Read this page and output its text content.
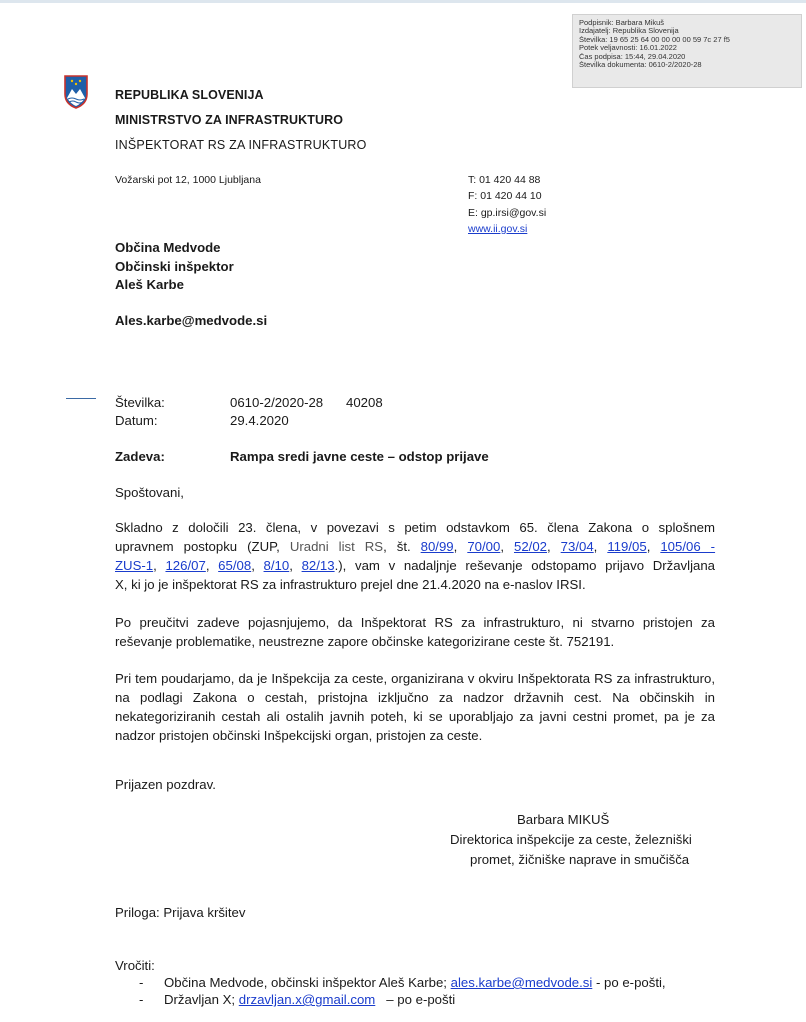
Podpisnik: Barbara Mikuš
Izdajatelj: Republika Slovenija
Številka: 19 65 25 64 00 00 00 00 59 7c 27 f5
Potek veljavnosti: 16.01.2022
Čas podpisa: 15:44, 29.04.2020
Številka dokumenta: 0610-2/2020-28
REPUBLIKA SLOVENIJA
MINISTRSTVO ZA INFRASTRUKTURO
INŠPEKTORAT RS ZA INFRASTRUKTURO
Vožarski pot 12, 1000 Ljubljana	T: 01 420 44 88
F: 01 420 44 10
E: gp.irsi@gov.si
www.ii.gov.si
Občina Medvode
Občinski inšpektor
Aleš Karbe
Ales.karbe@medvode.si
Številka:	0610-2/2020-28 40208
Datum:	29.4.2020
Zadeva:	Rampa sredi javne ceste – odstop prijave
Spoštovani,
Skladno z določili 23. člena, v povezavi s petim odstavkom 65. člena Zakona o splošnem
upravnem postopku (ZUP, Uradni list RS, št. 80/99, 70/00, 52/02, 73/04, 119/05, 105/06 -
ZUS-1, 126/07, 65/08, 8/10, 82/13.), vam v nadaljnje reševanje odstopamo prijavo Državljana
X, ki jo je inšpektorat RS za infrastrukturo prejel dne 21.4.2020 na e-naslov IRSI.
Po preučitvi zadeve pojasnjujemo, da Inšpektorat RS za infrastrukturo, ni stvarno pristojen za reševanje problematike, neustrezne zapore občinske kategorizirane ceste št. 752191.
Pri tem poudarjamo, da je Inšpekcija za ceste, organizirana v okviru Inšpektorata RS za infrastrukturo, na podlagi Zakona o cestah, pristojna izključno za nadzor državnih cest. Na občinskih in nekategoriziranih cestah ali ostalih javnih poteh, ki se uporabljajo za javni cestni promet, pa je za nadzor pristojen občinski Inšpekcijski organ, pristojen za ceste.
Prijazen pozdrav.
Barbara MIKUŠ
Direktorica inšpekcije za ceste, železniški
promet, žičniške naprave in smučišča
Priloga: Prijava kršitev
Vročiti:
- Občina Medvode, občinski inšpektor Aleš Karbe; ales.karbe@medvode.si - po e-pošti,
- Državljan X; drzavljan.x@gmail.com – po e-pošti
